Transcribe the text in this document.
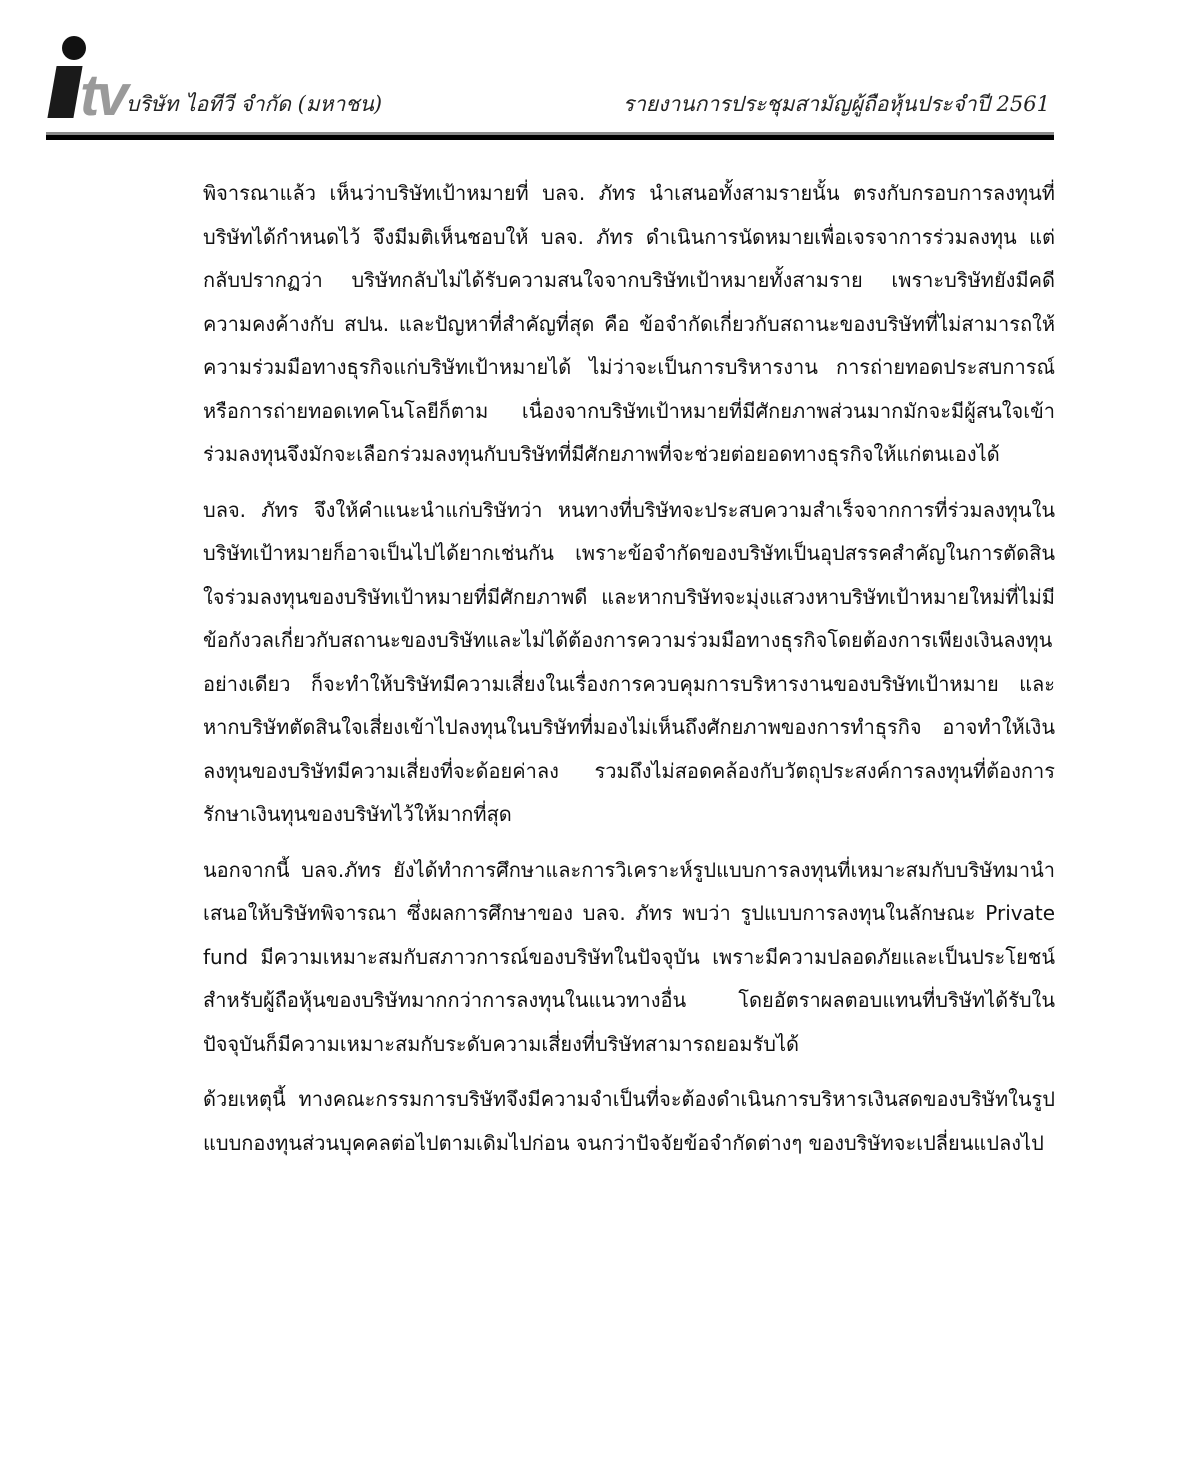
tv บริษัท ไอทีวี จำกัด (มหาชน)	รายงานการประชุมสามัญผู้ถือหุ้นประจำปี 2561

พิจารณาแล้ว เห็นว่าบริษัทเป้าหมายที่ บลจ. ภัทร นำเสนอทั้งสามรายนั้น ตรงกับกรอบการลงทุนที่บริษัทได้กำหนดไว้ จึงมีมติเห็นชอบให้ บลจ. ภัทร ดำเนินการนัดหมายเพื่อเจรจาการร่วมลงทุน แต่กลับปรากฏว่า บริษัทกลับไม่ได้รับความสนใจจากบริษัทเป้าหมายทั้งสามราย เพราะบริษัทยังมีคดีความคงค้างกับ สปน. และปัญหาที่สำคัญที่สุด คือ ข้อจำกัดเกี่ยวกับสถานะของบริษัทที่ไม่สามารถให้ความร่วมมือทางธุรกิจแก่บริษัทเป้าหมายได้ ไม่ว่าจะเป็นการบริหารงาน การถ่ายทอดประสบการณ์ หรือการถ่ายทอดเทคโนโลยีก็ตาม เนื่องจากบริษัทเป้าหมายที่มีศักยภาพส่วนมากมักจะมีผู้สนใจเข้าร่วมลงทุนจึงมักจะเลือกร่วมลงทุนกับบริษัทที่มีศักยภาพที่จะช่วยต่อยอดทางธุรกิจให้แก่ตนเองได้

บลจ. ภัทร จึงให้คำแนะนำแก่บริษัทว่า หนทางที่บริษัทจะประสบความสำเร็จจากการที่ร่วมลงทุนในบริษัทเป้าหมายก็อาจเป็นไปได้ยากเช่นกัน เพราะข้อจำกัดของบริษัทเป็นอุปสรรคสำคัญในการตัดสินใจร่วมลงทุนของบริษัทเป้าหมายที่มีศักยภาพดี และหากบริษัทจะมุ่งแสวงหาบริษัทเป้าหมายใหม่ที่ไม่มีข้อกังวลเกี่ยวกับสถานะของบริษัทและไม่ได้ต้องการความร่วมมือทางธุรกิจโดยต้องการเพียงเงินลงทุนอย่างเดียว ก็จะทำให้บริษัทมีความเสี่ยงในเรื่องการควบคุมการบริหารงานของบริษัทเป้าหมาย และหากบริษัทตัดสินใจเสี่ยงเข้าไปลงทุนในบริษัทที่มองไม่เห็นถึงศักยภาพของการทำธุรกิจ อาจทำให้เงินลงทุนของบริษัทมีความเสี่ยงที่จะด้อยค่าลง รวมถึงไม่สอดคล้องกับวัตถุประสงค์การลงทุนที่ต้องการรักษาเงินทุนของบริษัทไว้ให้มากที่สุด

นอกจากนี้ บลจ.ภัทร ยังได้ทำการศึกษาและการวิเคราะห์รูปแบบการลงทุนที่เหมาะสมกับบริษัทมานำเสนอให้บริษัทพิจารณา ซึ่งผลการศึกษาของ บลจ. ภัทร พบว่า รูปแบบการลงทุนในลักษณะ Private fund มีความเหมาะสมกับสภาวการณ์ของบริษัทในปัจจุบัน เพราะมีความปลอดภัยและเป็นประโยชน์สำหรับผู้ถือหุ้นของบริษัทมากกว่าการลงทุนในแนวทางอื่น โดยอัตราผลตอบแทนที่บริษัทได้รับในปัจจุบันก็มีความเหมาะสมกับระดับความเสี่ยงที่บริษัทสามารถยอมรับได้

ด้วยเหตุนี้ ทางคณะกรรมการบริษัทจึงมีความจำเป็นที่จะต้องดำเนินการบริหารเงินสดของบริษัทในรูปแบบกองทุนส่วนบุคคลต่อไปตามเดิมไปก่อน จนกว่าปัจจัยข้อจำกัดต่างๆ ของบริษัทจะเปลี่ยนแปลงไป
